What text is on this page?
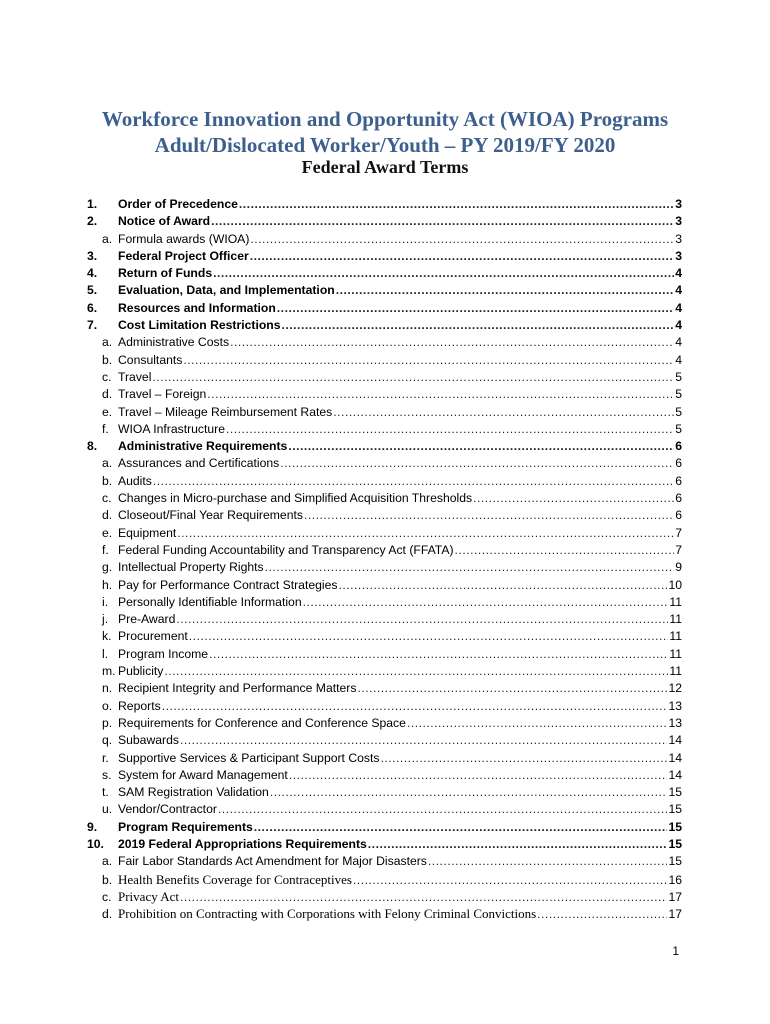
Workforce Innovation and Opportunity Act (WIOA) Programs
Adult/Dislocated Worker/Youth – PY 2019/FY 2020
Federal Award Terms
1.	Order of Precedence .....	3
2.	Notice of Award .....	3
a. Formula awards (WIOA) .....	3
3.	Federal Project Officer .....	3
4.	Return of Funds .....	4
5.	Evaluation, Data, and Implementation .....	4
6.	Resources and Information .....	4
7.	Cost Limitation Restrictions .....	4
a. Administrative Costs .....	4
b. Consultants .....	4
c. Travel .....	5
d. Travel – Foreign .....	5
e. Travel – Mileage Reimbursement Rates .....	5
f. WIOA Infrastructure .....	5
8.	Administrative Requirements .....	6
a. Assurances and Certifications .....	6
b. Audits .....	6
c. Changes in Micro-purchase and Simplified Acquisition Thresholds .....	6
d. Closeout/Final Year Requirements .....	6
e. Equipment .....	7
f. Federal Funding Accountability and Transparency Act (FFATA) .....	7
g. Intellectual Property Rights .....	9
h. Pay for Performance Contract Strategies .....	10
i. Personally Identifiable Information .....	11
j. Pre-Award .....	11
k. Procurement .....	11
l. Program Income .....	11
m. Publicity .....	11
n. Recipient Integrity and Performance Matters .....	12
o. Reports .....	13
p. Requirements for Conference and Conference Space .....	13
q. Subawards .....	14
r. Supportive Services & Participant Support Costs .....	14
s. System for Award Management .....	14
t. SAM Registration Validation .....	15
u. Vendor/Contractor .....	15
9.	Program Requirements .....	15
10.	2019 Federal Appropriations Requirements .....	15
a. Fair Labor Standards Act Amendment for Major Disasters .....	15
b. Health Benefits Coverage for Contraceptives .....	16
c. Privacy Act .....	17
d. Prohibition on Contracting with Corporations with Felony Criminal Convictions .....	17
1
